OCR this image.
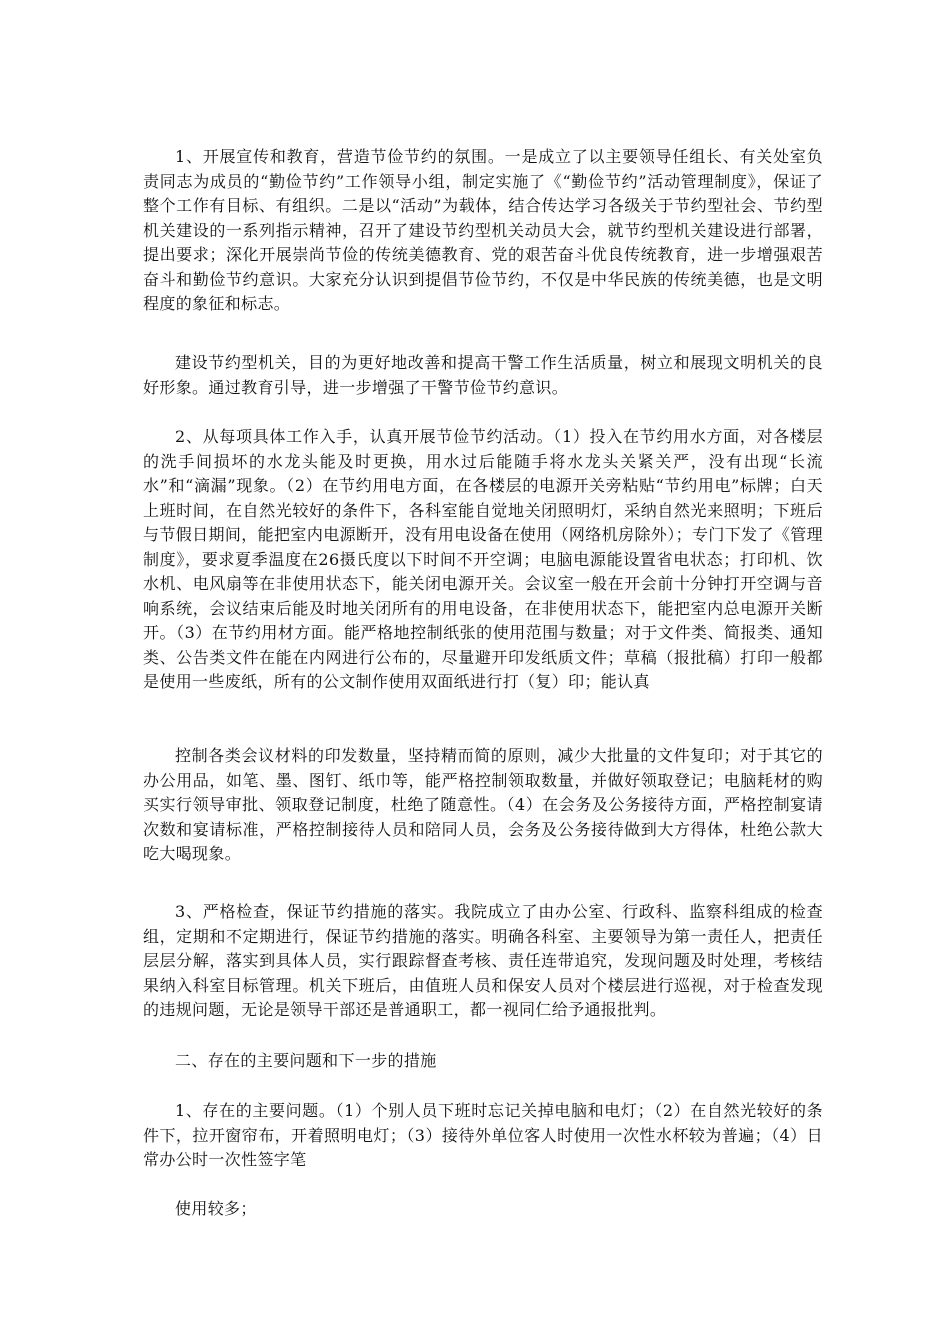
1、开展宣传和教育，营造节俭节约的氛围。一是成立了以主要领导任组长、有关处室负责同志为成员的“勤俭节约”工作领导小组，制定实施了《“勤俭节约”活动管理制度》，保证了整个工作有目标、有组织。二是以“活动”为载体，结合传达学习各级关于节约型社会、节约型机关建设的一系列指示精神，召开了建设节约型机关动员大会，就节约型机关建设进行部署，提出要求；深化开展崇尚节俭的传统美德教育、党的艰苦奋斗优良传统教育，进一步增强艰苦奋斗和勤俭节约意识。大家充分认识到提倡节俭节约，不仅是中华民族的传统美德，也是文明程度的象征和标志。

建设节约型机关，目的为更好地改善和提高干警工作生活质量，树立和展现文明机关的良好形象。通过教育引导，进一步增强了干警节俭节约意识。

2、从每项具体工作入手，认真开展节俭节约活动。（1）投入在节约用水方面，对各楼层的洗手间损坏的水龙头能及时更换，用水过后能随手将水龙头关紧关严，没有出现“长流水”和“滴漏”现象。（2）在节约用电方面，在各楼层的电源开关旁粘贴“节约用电”标牌；白天上班时间，在自然光较好的条件下，各科室能自觉地关闭照明灯，采纳自然光来照明；下班后与节假日期间，能把室内电源断开，没有用电设备在使用（网络机房除外）；专门下发了《管理制度》，要求夏季温度在26摄氏度以下时间不开空调；电脑电源能设置省电状态；打印机、饮水机、电风扇等在非使用状态下，能关闭电源开关。会议室一般在开会前十分钟打开空调与音响系统，会议结束后能及时地关闭所有的用电设备，在非使用状态下，能把室内总电源开关断开。（3）在节约用材方面。能严格地控制纸张的使用范围与数量；对于文件类、简报类、通知类、公告类文件在能在内网进行公布的，尽量避开印发纸质文件；草稿（报批稿）打印一般都是使用一些废纸，所有的公文制作使用双面纸进行打（复）印；能认真

控制各类会议材料的印发数量，坚持精而简的原则，减少大批量的文件复印；对于其它的办公用品，如笔、墨、图钉、纸巾等，能严格控制领取数量，并做好领取登记；电脑耗材的购买实行领导审批、领取登记制度，杜绝了随意性。（4）在会务及公务接待方面，严格控制宴请次数和宴请标准，严格控制接待人员和陪同人员，会务及公务接待做到大方得体，杜绝公款大吃大喝现象。

3、严格检查，保证节约措施的落实。我院成立了由办公室、行政科、监察科组成的检查组，定期和不定期进行，保证节约措施的落实。明确各科室、主要领导为第一责任人，把责任层层分解，落实到具体人员，实行跟踪督查考核、责任连带追究，发现问题及时处理，考核结果纳入科室目标管理。机关下班后，由值班人员和保安人员对个楼层进行巡视，对于检查发现的违规问题，无论是领导干部还是普通职工，都一视同仁给予通报批判。

二、存在的主要问题和下一步的措施

1、存在的主要问题。（1）个别人员下班时忘记关掉电脑和电灯；（2）在自然光较好的条件下，拉开窗帘布，开着照明电灯；（3）接待外单位客人时使用一次性水杯较为普遍；（4）日常办公时一次性签字笔

使用较多；
